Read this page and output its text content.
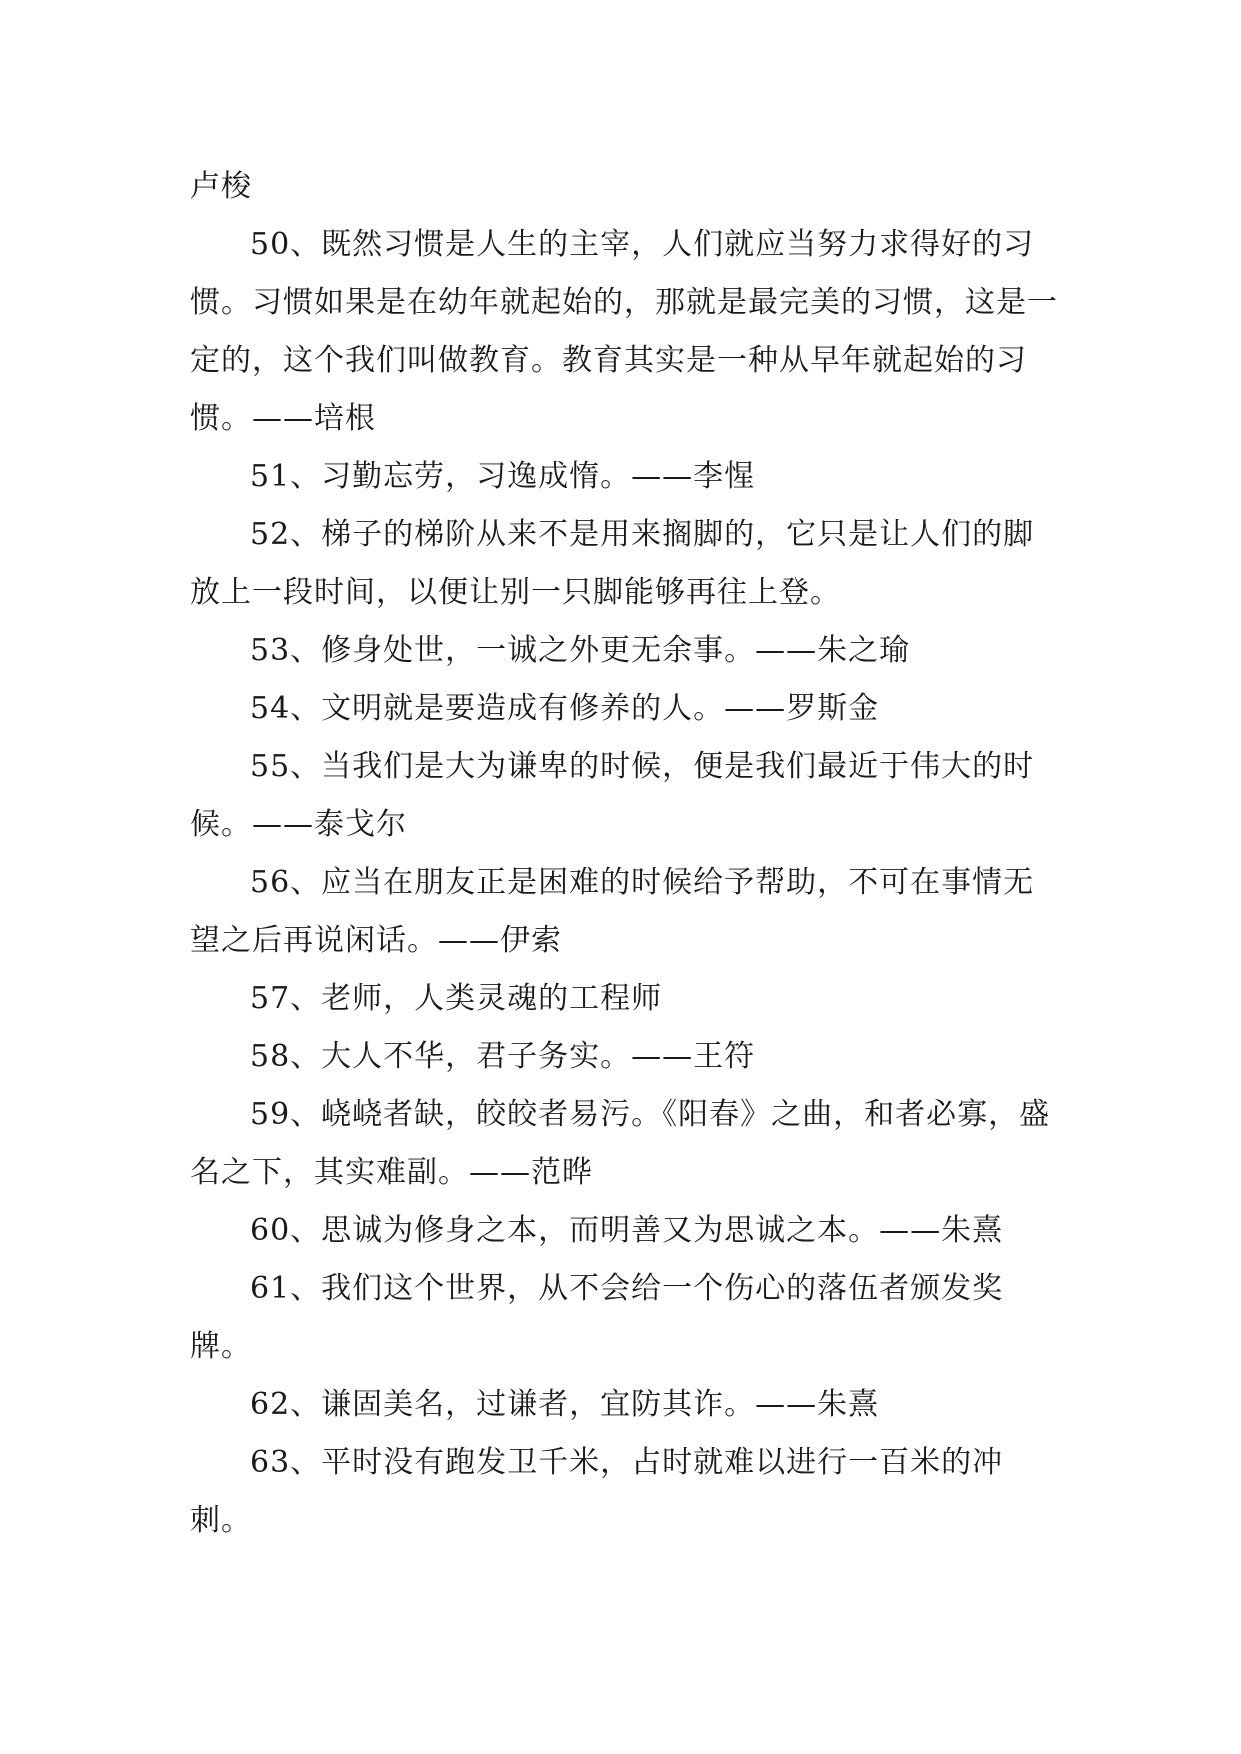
卢梭

50、既然习惯是人生的主宰，人们就应当努力求得好的习惯。习惯如果是在幼年就起始的，那就是最完美的习惯，这是一定的，这个我们叫做教育。教育其实是一种从早年就起始的习惯。——培根

51、习勤忘劳，习逸成惰。——李惺

52、梯子的梯阶从来不是用来搁脚的，它只是让人们的脚放上一段时间，以便让别一只脚能够再往上登。

53、修身处世，一诚之外更无余事。——朱之瑜

54、文明就是要造成有修养的人。——罗斯金

55、当我们是大为谦卑的时候，便是我们最近于伟大的时候。——泰戈尔

56、应当在朋友正是困难的时候给予帮助，不可在事情无望之后再说闲话。——伊索

57、老师，人类灵魂的工程师

58、大人不华，君子务实。——王符

59、峣峣者缺，皎皎者易污。《阳春》之曲，和者必寡，盛名之下，其实难副。——范晔

60、思诚为修身之本，而明善又为思诚之本。——朱熹

61、我们这个世界，从不会给一个伤心的落伍者颁发奖牌。

62、谦固美名，过谦者，宜防其诈。——朱熹

63、平时没有跑发卫千米，占时就难以进行一百米的冲刺。
